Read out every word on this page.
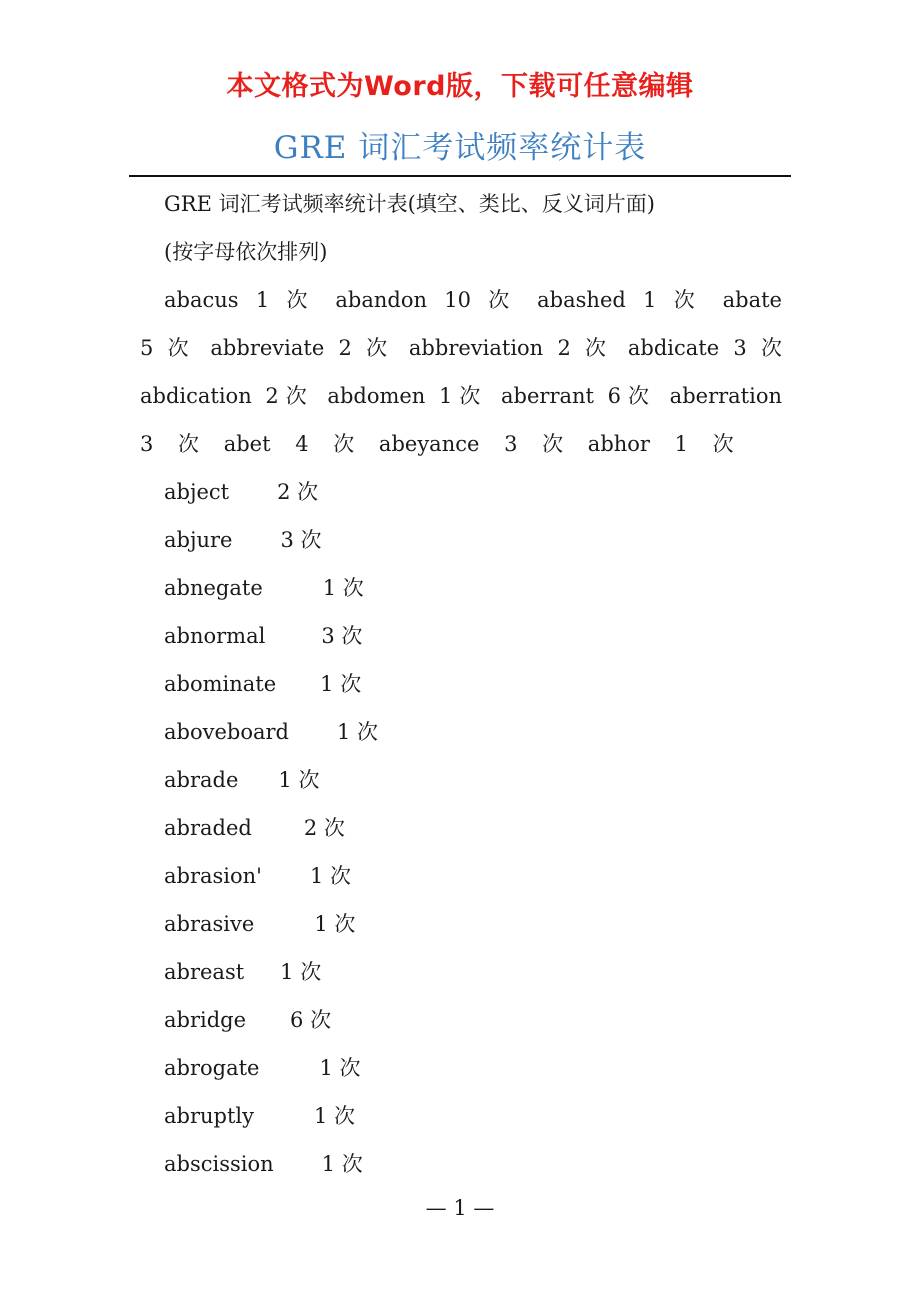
本文格式为Word版，下载可任意编辑
GRE 词汇考试频率统计表
GRE 词汇考试频率统计表(填空、类比、反义词片面)
(按字母依次排列)
abacus 1 次 abandon 10 次 abashed 1 次 abate
5 次 abbreviate 2 次 abbreviation 2 次 abdicate 3 次
abdication 2次 abdomen 1次 aberrant 6次 aberration
3 次 abet 4 次 abeyance 3 次 abhor 1 次
abject 2 次
abjure 3 次
abnegate	1 次
abnormal	3 次
abominate 1 次
aboveboard 1 次
abrade 1 次
abraded 2 次
abrasion' 1 次
abrasive	1 次
abreast 1 次
abridge 6 次
abrogate	1 次
abruptly	1 次
abscission 1 次
— 1 —
